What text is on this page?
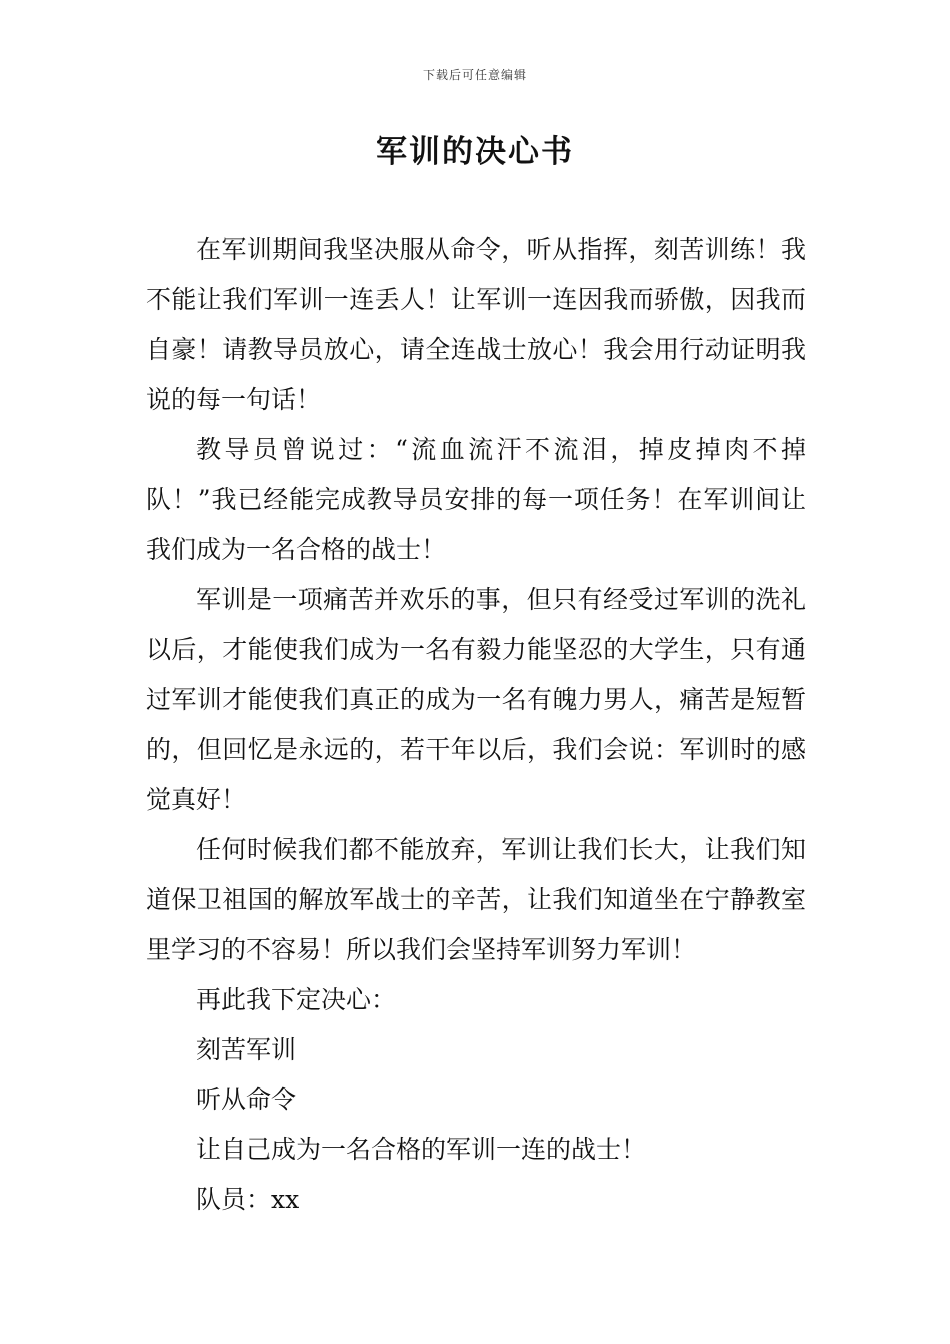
下载后可任意编辑
军训的决心书

在军训期间我坚决服从命令，听从指挥，刻苦训练！我不能让我们军训一连丢人！让军训一连因我而骄傲，因我而自豪！请教导员放心，请全连战士放心！我会用行动证明我说的每一句话！

教导员曾说过：“流血流汗不流泪，掉皮掉肉不掉队！”我已经能完成教导员安排的每一项任务！在军训间让我们成为一名合格的战士！

军训是一项痛苦并欢乐的事，但只有经受过军训的洗礼以后，才能使我们成为一名有毅力能坚忍的大学生，只有通过军训才能使我们真正的成为一名有魄力男人，痛苦是短暂的，但回忆是永远的，若干年以后，我们会说：军训时的感觉真好！

任何时候我们都不能放弃，军训让我们长大，让我们知道保卫祖国的解放军战士的辛苦，让我们知道坐在宁静教室里学习的不容易！所以我们会坚持军训努力军训！

再此我下定决心：

刻苦军训

听从命令

让自己成为一名合格的军训一连的战士！

队员：xx
